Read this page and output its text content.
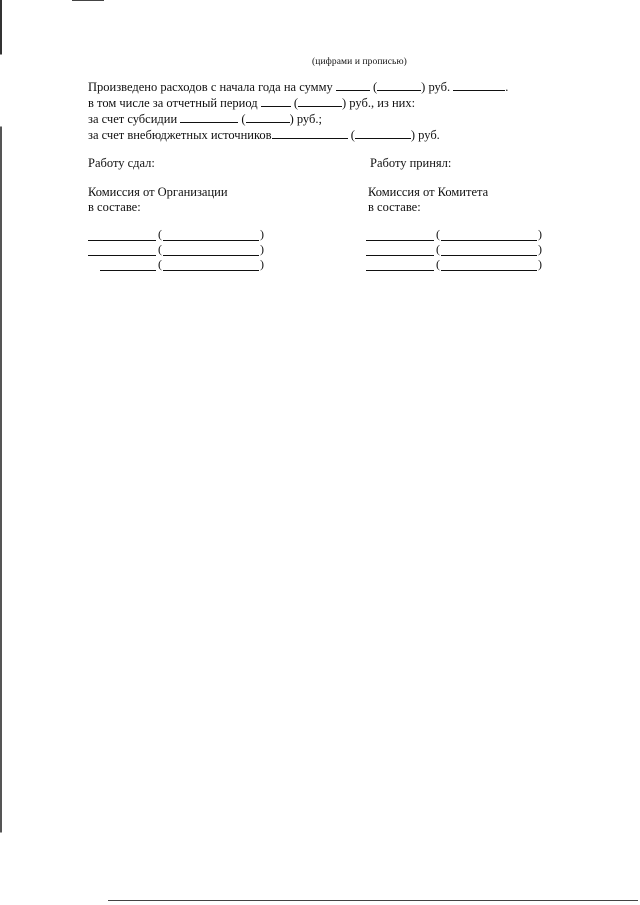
(цифрами и прописью)
Произведено расходов с начала года на сумму	(	) руб.	.
в том числе за отчетный период	(	) руб., из них:
за счет субсидии	(	) руб.;
за счет внебюджетных источников	(	) руб.
Работу сдал:	Работу принял:
Комиссия от Организации
в составе:
Комиссия от Комитета
в составе:
(	)
(	)
(	)
(	)
(	)
(	)
